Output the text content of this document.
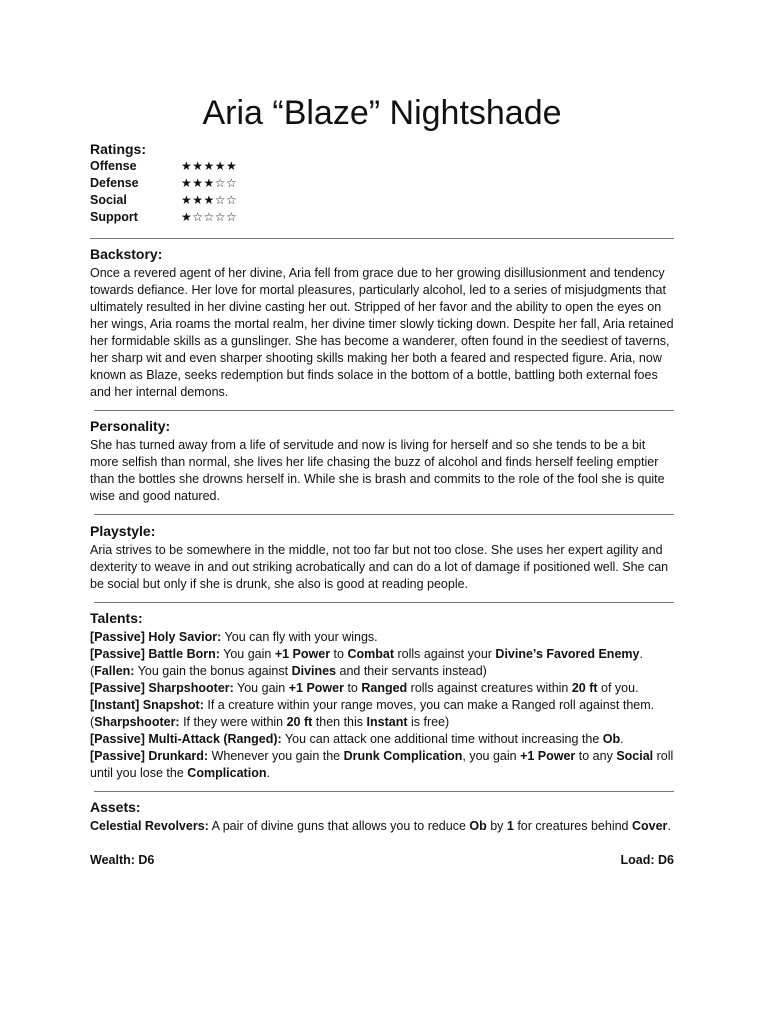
Aria “Blaze” Nightshade
Ratings:
Offense	★★★★★
Defense	★★★☆☆
Social	★★★☆☆
Support	★☆☆☆☆
Backstory:

Once a revered agent of her divine, Aria fell from grace due to her growing disillusionment and tendency towards defiance. Her love for mortal pleasures, particularly alcohol, led to a series of misjudgments that ultimately resulted in her divine casting her out. Stripped of her favor and the ability to open the eyes on her wings, Aria roams the mortal realm, her divine timer slowly ticking down. Despite her fall, Aria retained her formidable skills as a gunslinger. She has become a wanderer, often found in the seediest of taverns, her sharp wit and even sharper shooting skills making her both a feared and respected figure. Aria, now known as Blaze, seeks redemption but finds solace in the bottom of a bottle, battling both external foes and her internal demons.

Personality:

She has turned away from a life of servitude and now is living for herself and so she tends to be a bit more selfish than normal, she lives her life chasing the buzz of alcohol and finds herself feeling emptier than the bottles she drowns herself in. While she is brash and commits to the role of the fool she is quite wise and good natured.

Playstyle:

Aria strives to be somewhere in the middle, not too far but not too close. She uses her expert agility and dexterity to weave in and out striking acrobatically and can do a lot of damage if positioned well. She can be social but only if she is drunk, she also is good at reading people.

Talents:
[Passive] Holy Savior: You can fly with your wings.
[Passive] Battle Born: You gain +1 Power to Combat rolls against your Divine’s Favored Enemy.
(Fallen: You gain the bonus against Divines and their servants instead)
[Passive] Sharpshooter: You gain +1 Power to Ranged rolls against creatures within 20 ft of you.
[Instant] Snapshot: If a creature within your range moves, you can make a Ranged roll against them.
(Sharpshooter: If they were within 20 ft then this Instant is free)
[Passive] Multi-Attack (Ranged): You can attack one additional time without increasing the Ob.
[Passive] Drunkard: Whenever you gain the Drunk Complication, you gain +1 Power to any Social roll until you lose the Complication.
Assets:
Celestial Revolvers: A pair of divine guns that allows you to reduce Ob by 1 for creatures behind Cover.
Wealth: D6	Load: D6
